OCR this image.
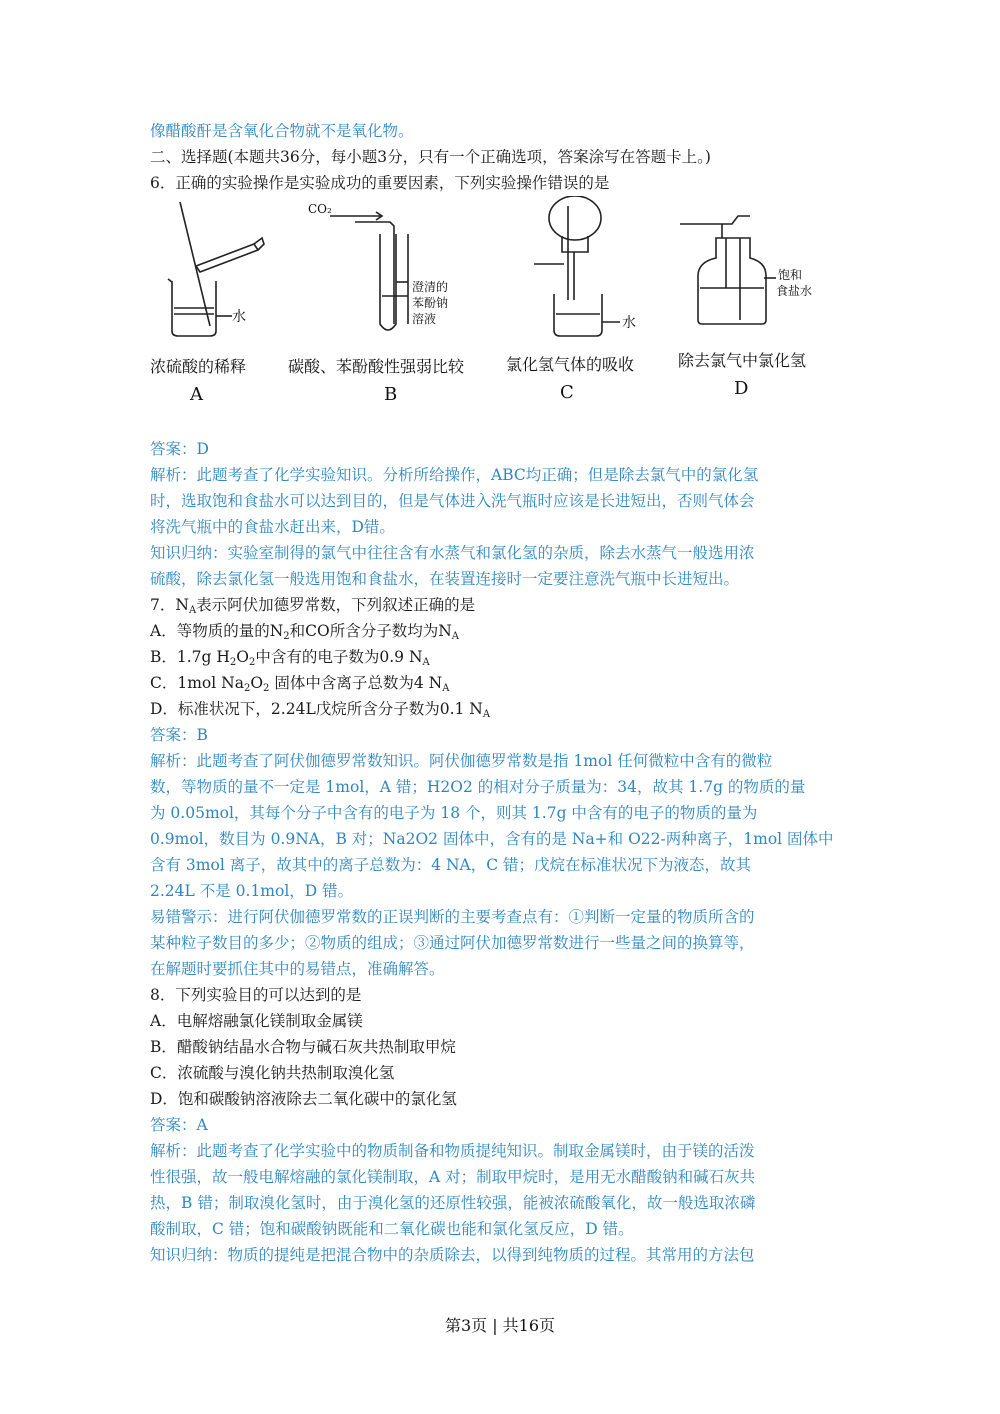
像醋酸酐是含氧化合物就不是氧化物。
二、选择题(本题共36分，每小题3分，只有一个正确选项，答案涂写在答题卡上。)
6．正确的实验操作是实验成功的重要因素，下列实验操作错误的是
水
浓硫酸的稀释
A
CO₂
澄清的
苯酚钠
溶液
碳酸、苯酚酸性强弱比较
B
水
氯化氢气体的吸收
C
饱和
食盐水
除去氯气中氯化氢
D
答案：D
解析：此题考查了化学实验知识。分析所给操作，ABC均正确；但是除去氯气中的氯化氢
时，选取饱和食盐水可以达到目的，但是气体进入洗气瓶时应该是长进短出，否则气体会
将洗气瓶中的食盐水赶出来，D错。
知识归纳：实验室制得的氯气中往往含有水蒸气和氯化氢的杂质，除去水蒸气一般选用浓
硫酸，除去氯化氢一般选用饱和食盐水，在装置连接时一定要注意洗气瓶中长进短出。
7．$N_A$表示阿伏加德罗常数，下列叙述正确的是
A．等物质的量的$N_2$和CO所含分子数均为$N_A$
B．1.7g $H_2O_2$中含有的电子数为0.9 $N_A$
C．1mol $Na_2O_2$ 固体中含离子总数为4 $N_A$
D．标准状况下，2.24L戊烷所含分子数为0.1 $N_A$
答案：B
解析：此题考查了阿伏伽德罗常数知识。阿伏伽德罗常数是指 1mol 任何微粒中含有的微粒
数，等物质的量不一定是 1mol，A 错；H2O2 的相对分子质量为：34，故其 1.7g 的物质的量
为 0.05mol，其每个分子中含有的电子为 18 个，则其 1.7g 中含有的电子的物质的量为
0.9mol，数目为 0.9NA，B 对；Na2O2 固体中，含有的是 Na+和 O22-两种离子，1mol 固体中
含有 3mol 离子，故其中的离子总数为：4 NA，C 错；戊烷在标准状况下为液态，故其
2.24L 不是 0.1mol，D 错。
易错警示：进行阿伏伽德罗常数的正误判断的主要考查点有：①判断一定量的物质所含的
某种粒子数目的多少；②物质的组成；③通过阿伏加德罗常数进行一些量之间的换算等，
在解题时要抓住其中的易错点，准确解答。
8．下列实验目的可以达到的是
A．电解熔融氯化镁制取金属镁
B．醋酸钠结晶水合物与碱石灰共热制取甲烷
C．浓硫酸与溴化钠共热制取溴化氢
D．饱和碳酸钠溶液除去二氧化碳中的氯化氢
答案：A
解析：此题考查了化学实验中的物质制备和物质提纯知识。制取金属镁时，由于镁的活泼
性很强，故一般电解熔融的氯化镁制取，A 对；制取甲烷时，是用无水醋酸钠和碱石灰共
热，B 错；制取溴化氢时，由于溴化氢的还原性较强，能被浓硫酸氧化，故一般选取浓磷
酸制取，C 错；饱和碳酸钠既能和二氧化碳也能和氯化氢反应，D 错。
知识归纳：物质的提纯是把混合物中的杂质除去，以得到纯物质的过程。其常用的方法包
第3页 | 共16页
